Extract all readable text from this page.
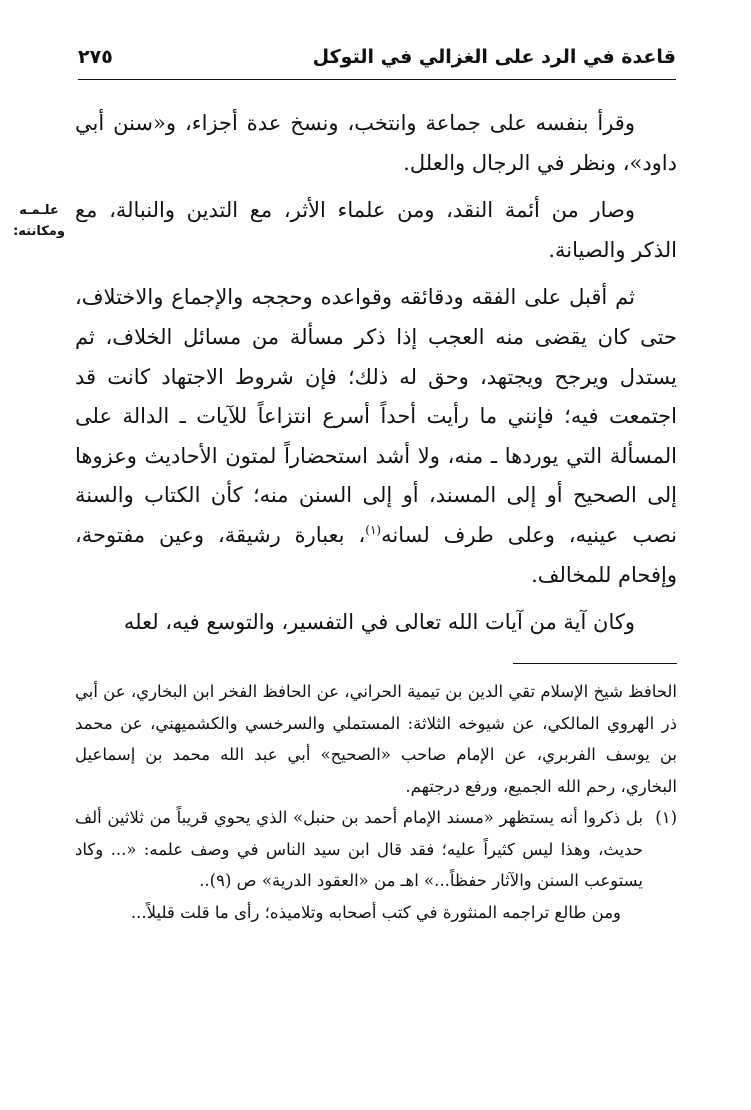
قاعدة في الرد على الغزالي في التوكل
٢٧٥
علـمـه
ومكانته:

وقرأ بنفسه على جماعة وانتخب، ونسخ عدة أجزاء، و«سنن أبي داود»، ونظر في الرجال والعلل.

وصار من أئمة النقد، ومن علماء الأثر، مع التدين والنبالة، مع الذكر والصيانة.

ثم أقبل على الفقه ودقائقه وقواعده وحججه والإجماع والاختلاف، حتى كان يقضى منه العجب إذا ذكر مسألة من مسائل الخلاف، ثم يستدل ويرجح ويجتهد، وحق له ذلك؛ فإن شروط الاجتهاد كانت قد اجتمعت فيه؛ فإنني ما رأيت أحداً أسرع انتزاعاً للآيات ـ الدالة على المسألة التي يوردها ـ منه، ولا أشد استحضاراً لمتون الأحاديث وعزوها إلى الصحيح أو إلى المسند، أو إلى السنن منه؛ كأن الكتاب والسنة نصب عينيه، وعلى طرف لسانه$^{(١)}$، بعبارة رشيقة، وعين مفتوحة، وإفحام للمخالف.

وكان آية من آيات الله تعالى في التفسير، والتوسع فيه، لعله

الحافظ شيخ الإسلام تقي الدين بن تيمية الحراني، عن الحافظ الفخر ابن البخاري، عن أبي ذر الهروي المالكي، عن شيوخه الثلاثة: المستملي والسرخسي والكشميهني، عن محمد بن يوسف الفربري، عن الإمام صاحب «الصحيح» أبي عبد الله محمد بن إسماعيل البخاري، رحم الله الجميع، ورفع درجتهم.

(١)
بل ذكروا أنه يستظهر «مسند الإمام أحمد بن حنبل» الذي يحوي قريباً من ثلاثين ألف حديث، وهذا ليس كثيراً عليه؛ فقد قال ابن سيد الناس في وصف علمه: «... وكاد يستوعب السنن والآثار حفظاً...» اهـ من «العقود الدرية» ص (٩)..

ومن طالع تراجمه المنثورة في كتب أصحابه وتلاميذه؛ رأى ما قلت قليلاً...
